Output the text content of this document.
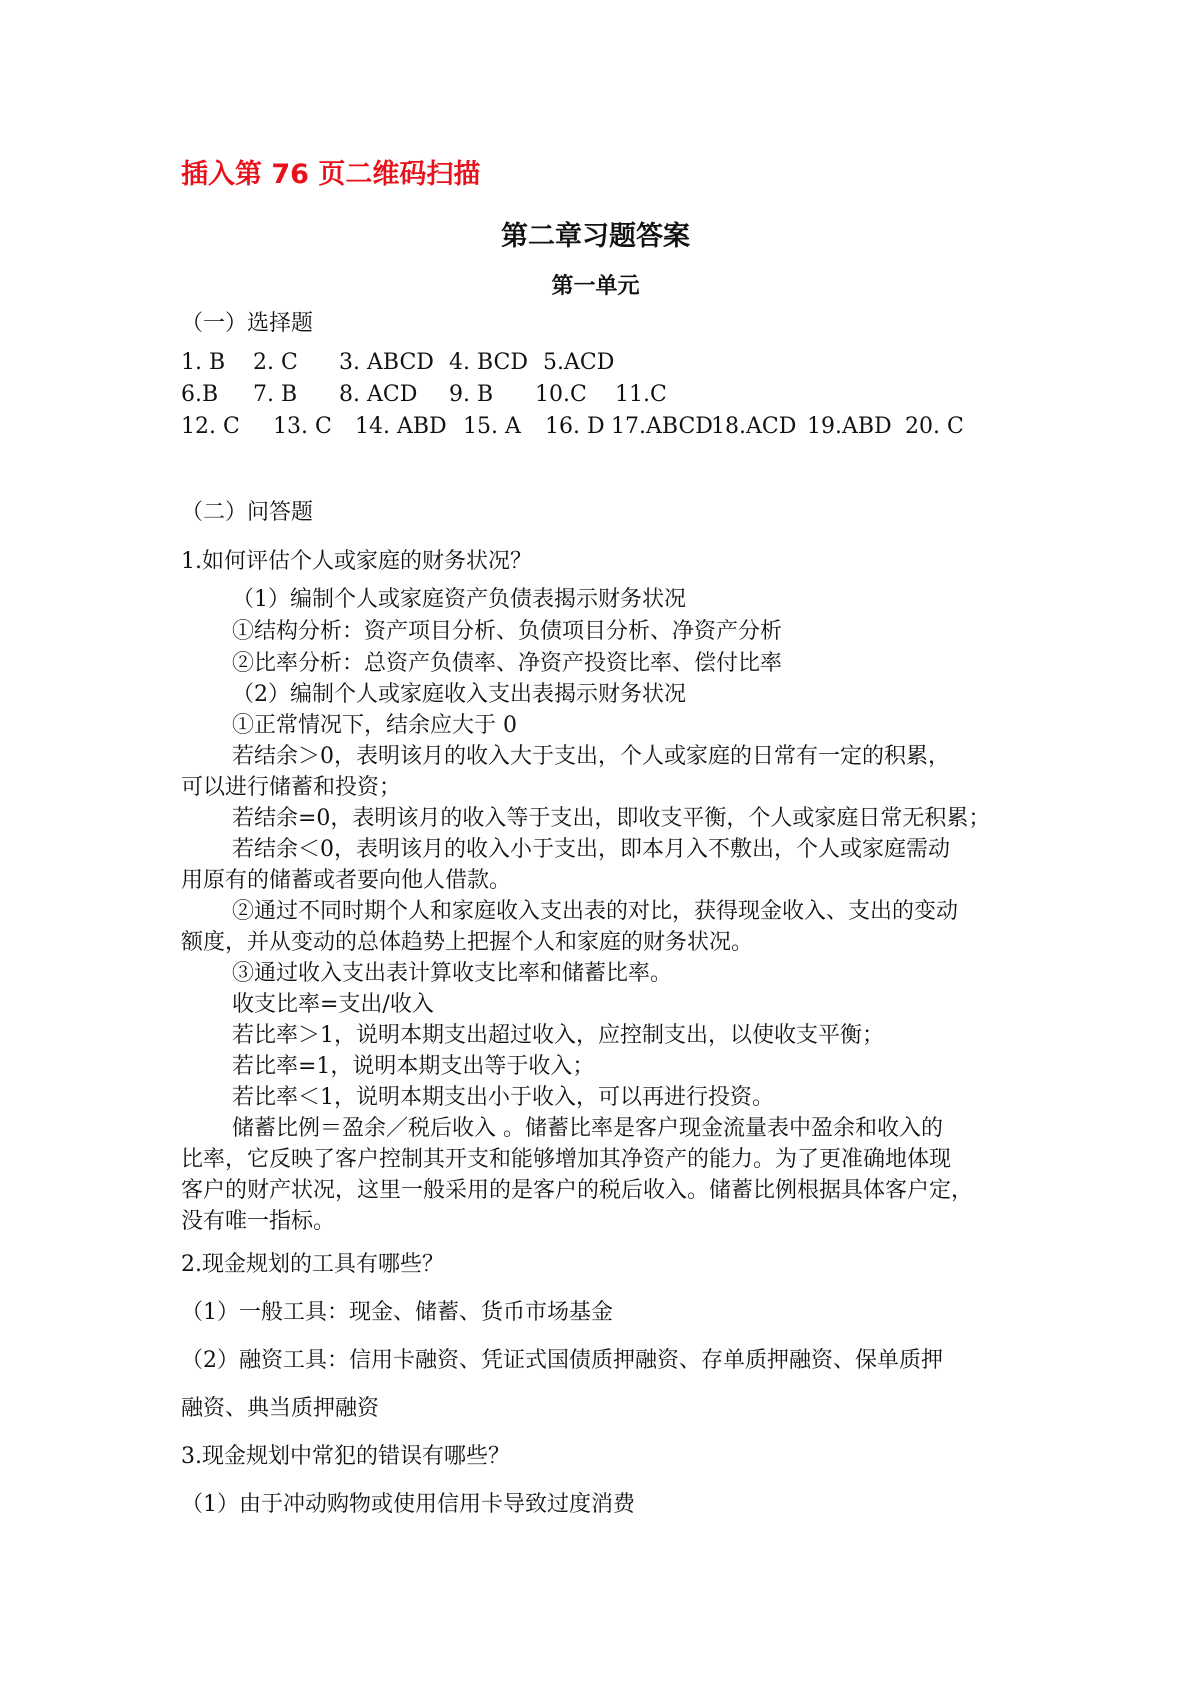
插入第 76 页二维码扫描
第二章习题答案
第一单元
（一）选择题
1. B 2. C 3. ABCD 4. BCD 5.ACD
6.B 7. B 8. ACD 9. B 10.C 11.C
12. C 13. C 14. ABD 15. A 16. D 17.ABCD18.ACD 19.ABD 20. C
（二）问答题
1.如何评估个人或家庭的财务状况？
（1）编制个人或家庭资产负债表揭示财务状况
①结构分析：资产项目分析、负债项目分析、净资产分析
②比率分析：总资产负债率、净资产投资比率、偿付比率
（2）编制个人或家庭收入支出表揭示财务状况
①正常情况下，结余应大于 0
若结余＞0，表明该月的收入大于支出，个人或家庭的日常有一定的积累，
可以进行储蓄和投资；
若结余=0，表明该月的收入等于支出，即收支平衡，个人或家庭日常无积累；
若结余＜0，表明该月的收入小于支出，即本月入不敷出，个人或家庭需动
用原有的储蓄或者要向他人借款。
②通过不同时期个人和家庭收入支出表的对比，获得现金收入、支出的变动
额度，并从变动的总体趋势上把握个人和家庭的财务状况。
③通过收入支出表计算收支比率和储蓄比率。
收支比率=支出/收入
若比率＞1，说明本期支出超过收入，应控制支出，以使收支平衡；
若比率=1，说明本期支出等于收入；
若比率＜1，说明本期支出小于收入，可以再进行投资。
储蓄比例＝盈余／税后收入 。储蓄比率是客户现金流量表中盈余和收入的
比率，它反映了客户控制其开支和能够增加其净资产的能力。为了更准确地体现
客户的财产状况，这里一般采用的是客户的税后收入。储蓄比例根据具体客户定，
没有唯一指标。
2.现金规划的工具有哪些？
（1）一般工具：现金、储蓄、货币市场基金
（2）融资工具：信用卡融资、凭证式国债质押融资、存单质押融资、保单质押
融资、典当质押融资
3.现金规划中常犯的错误有哪些？
（1）由于冲动购物或使用信用卡导致过度消费
